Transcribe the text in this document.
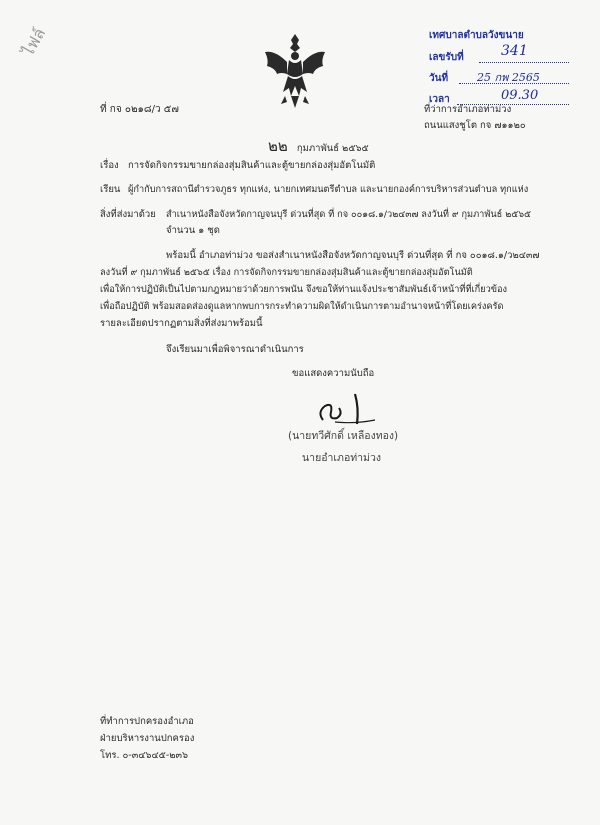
ไฟล์	เทศบาลตำบลวังขนาย
เลขรับที่	341
วันที่	25 กพ 2565
เวลา	09.30
ที่ กจ ๐๒๑๘/ว ๕๗	ที่ว่าการอำเภอท่าม่วง
ถนนแสงชูโต กจ ๗๑๑๒๐
๒๒ กุมภาพันธ์ ๒๕๖๕
เรื่อง การจัดกิจกรรมขายกล่องสุ่มสินค้าและตู้ขายกล่องสุ่มอัตโนมัติ
เรียน ผู้กำกับการสถานีตำรวจภูธร ทุกแห่ง, นายกเทศมนตรีตำบล และนายกองค์การบริหารส่วนตำบล ทุกแห่ง
สิ่งที่ส่งมาด้วย สำเนาหนังสือจังหวัดกาญจนบุรี ด่วนที่สุด ที่ กจ ๐๐๑๘.๑/ว๒๔๓๗ ลงวันที่ ๙ กุมภาพันธ์ ๒๕๖๕
จำนวน ๑ ชุด
พร้อมนี้ อำเภอท่าม่วง ขอส่งสำเนาหนังสือจังหวัดกาญจนบุรี ด่วนที่สุด ที่ กจ ๐๐๑๘.๑/ว๒๔๓๗
ลงวันที่ ๙ กุมภาพันธ์ ๒๕๖๕ เรื่อง การจัดกิจกรรมขายกล่องสุ่มสินค้าและตู้ขายกล่องสุ่มอัตโนมัติ
เพื่อให้การปฏิบัติเป็นไปตามกฎหมายว่าด้วยการพนัน จึงขอให้ท่านแจ้งประชาสัมพันธ์เจ้าหน้าที่ที่เกี่ยวข้อง
เพื่อถือปฏิบัติ พร้อมสอดส่องดูแลหากพบการกระทำความผิดให้ดำเนินการตามอำนาจหน้าที่โดยเคร่งครัด
รายละเอียดปรากฏตามสิ่งที่ส่งมาพร้อมนี้
จึงเรียนมาเพื่อพิจารณาดำเนินการ
ขอแสดงความนับถือ
(นายทวีศักดิ์ เหลืองทอง)
นายอำเภอท่าม่วง
ที่ทำการปกครองอำเภอ
ฝ่ายบริหารงานปกครอง
โทร. ๐-๓๔๖๔๕-๒๓๖
